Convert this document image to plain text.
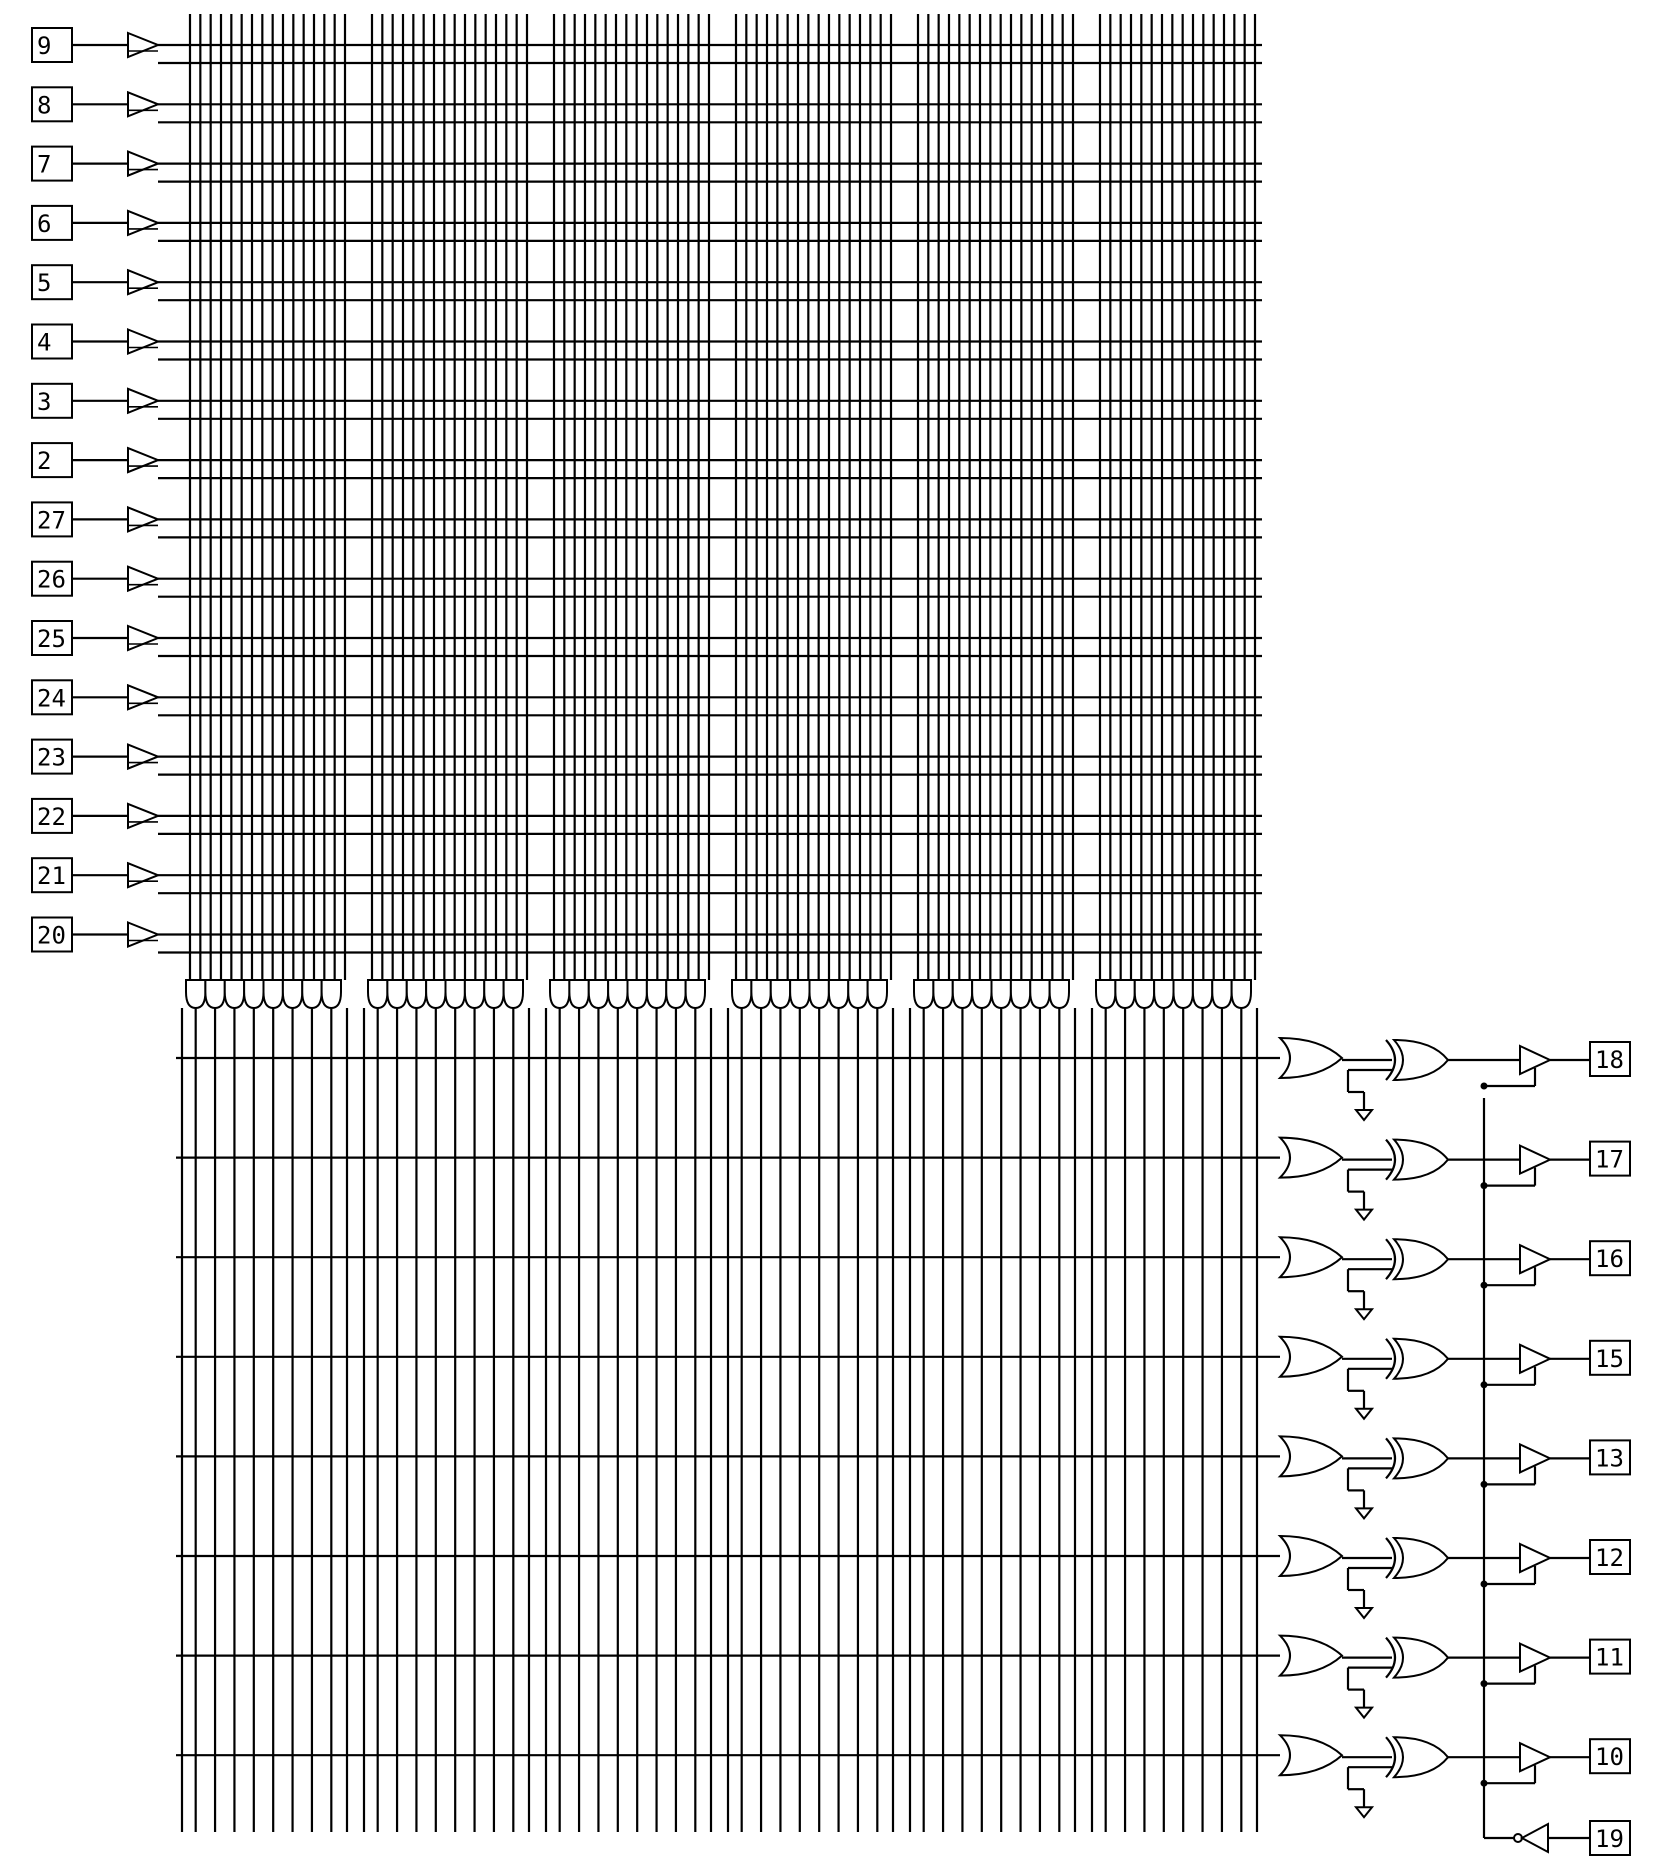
9
8
7
6
5
4
3
2
27
26
25
24
23
22
21
20
18
17
16
15
13
12
11
10
19
